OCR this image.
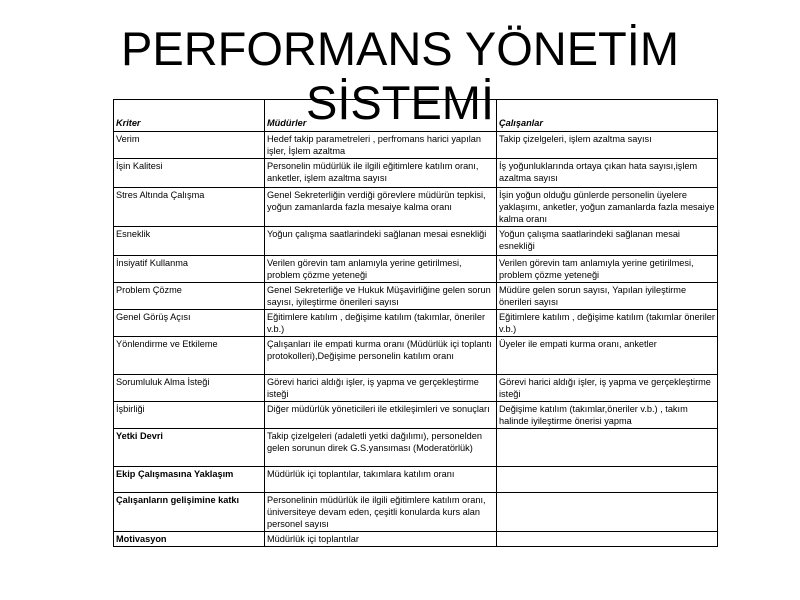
PERFORMANS YÖNETİM
SİSTEMİ
Kriter	Müdürler	Çalışanlar
Verim	Hedef takip parametreleri , perfromans harici yapılan işler, İşlem azaltma	Takip çizelgeleri, işlem azaltma sayısı
İşin Kalitesi	Personelin müdürlük ile ilgili eğitimlere katılım oranı, anketler, işlem azaltma sayısı	İş yoğunluklarında ortaya çıkan hata sayısı,işlem azaltma sayısı
Stres Altında Çalışma	Genel Sekreterliğin verdiği görevlere müdürün tepkisi, yoğun zamanlarda fazla mesaiye kalma oranı	İşin yoğun olduğu günlerde personelin üyelere yaklaşımı, anketler, yoğun zamanlarda fazla mesaiye kalma oranı
Esneklik	Yoğun çalışma saatlarindeki sağlanan mesai esnekliği	Yoğun çalışma saatlarindeki sağlanan mesai esnekliği
İnsiyatif Kullanma	Verilen görevin tam anlamıyla yerine getirilmesi, problem çözme yeteneği	Verilen görevin tam anlamıyla yerine getirilmesi, problem çözme yeteneği
Problem Çözme	Genel Sekreterliğe ve Hukuk Müşavirliğine gelen sorun sayısı, iyileştirme önerileri sayısı	Müdüre gelen sorun sayısı, Yapılan iyileştirme önerileri sayısı
Genel Görüş Açısı	Eğitimlere katılım , değişime katılım (takımlar, öneriler v.b.)	Eğitimlere katılım , değişime katılım (takımlar öneriler v.b.)
Yönlendirme ve Etkileme	Çalışanları ile empati kurma oranı (Müdürlük içi toplantı protokolleri),Değişime personelin katılım oranı	Üyeler ile empati kurma oranı, anketler
Sorumluluk Alma İsteği	Görevi harici aldığı işler, iş yapma ve gerçekleştirme isteği	Görevi harici aldığı işler, iş yapma ve gerçekleştirme isteği
İşbirliği	Diğer müdürlük yöneticileri ile etkileşimleri ve sonuçları	Değişime katılım (takımlar,öneriler v.b.) , takım halinde iyileştirme önerisi yapma
Yetki Devri	Takip çizelgeleri (adaletli yetki dağılımı), personelden gelen sorunun direk G.S.yansıması (Moderatörlük)	
Ekip Çalışmasına Yaklaşım	Müdürlük içi toplantılar, takımlara katılım oranı	
Çalışanların gelişimine katkı	Personelinin müdürlük ile ilgili eğitimlere katılım oranı, üniversiteye devam eden, çeşitli konularda kurs alan personel sayısı	
Motivasyon	Müdürlük içi toplantılar	
